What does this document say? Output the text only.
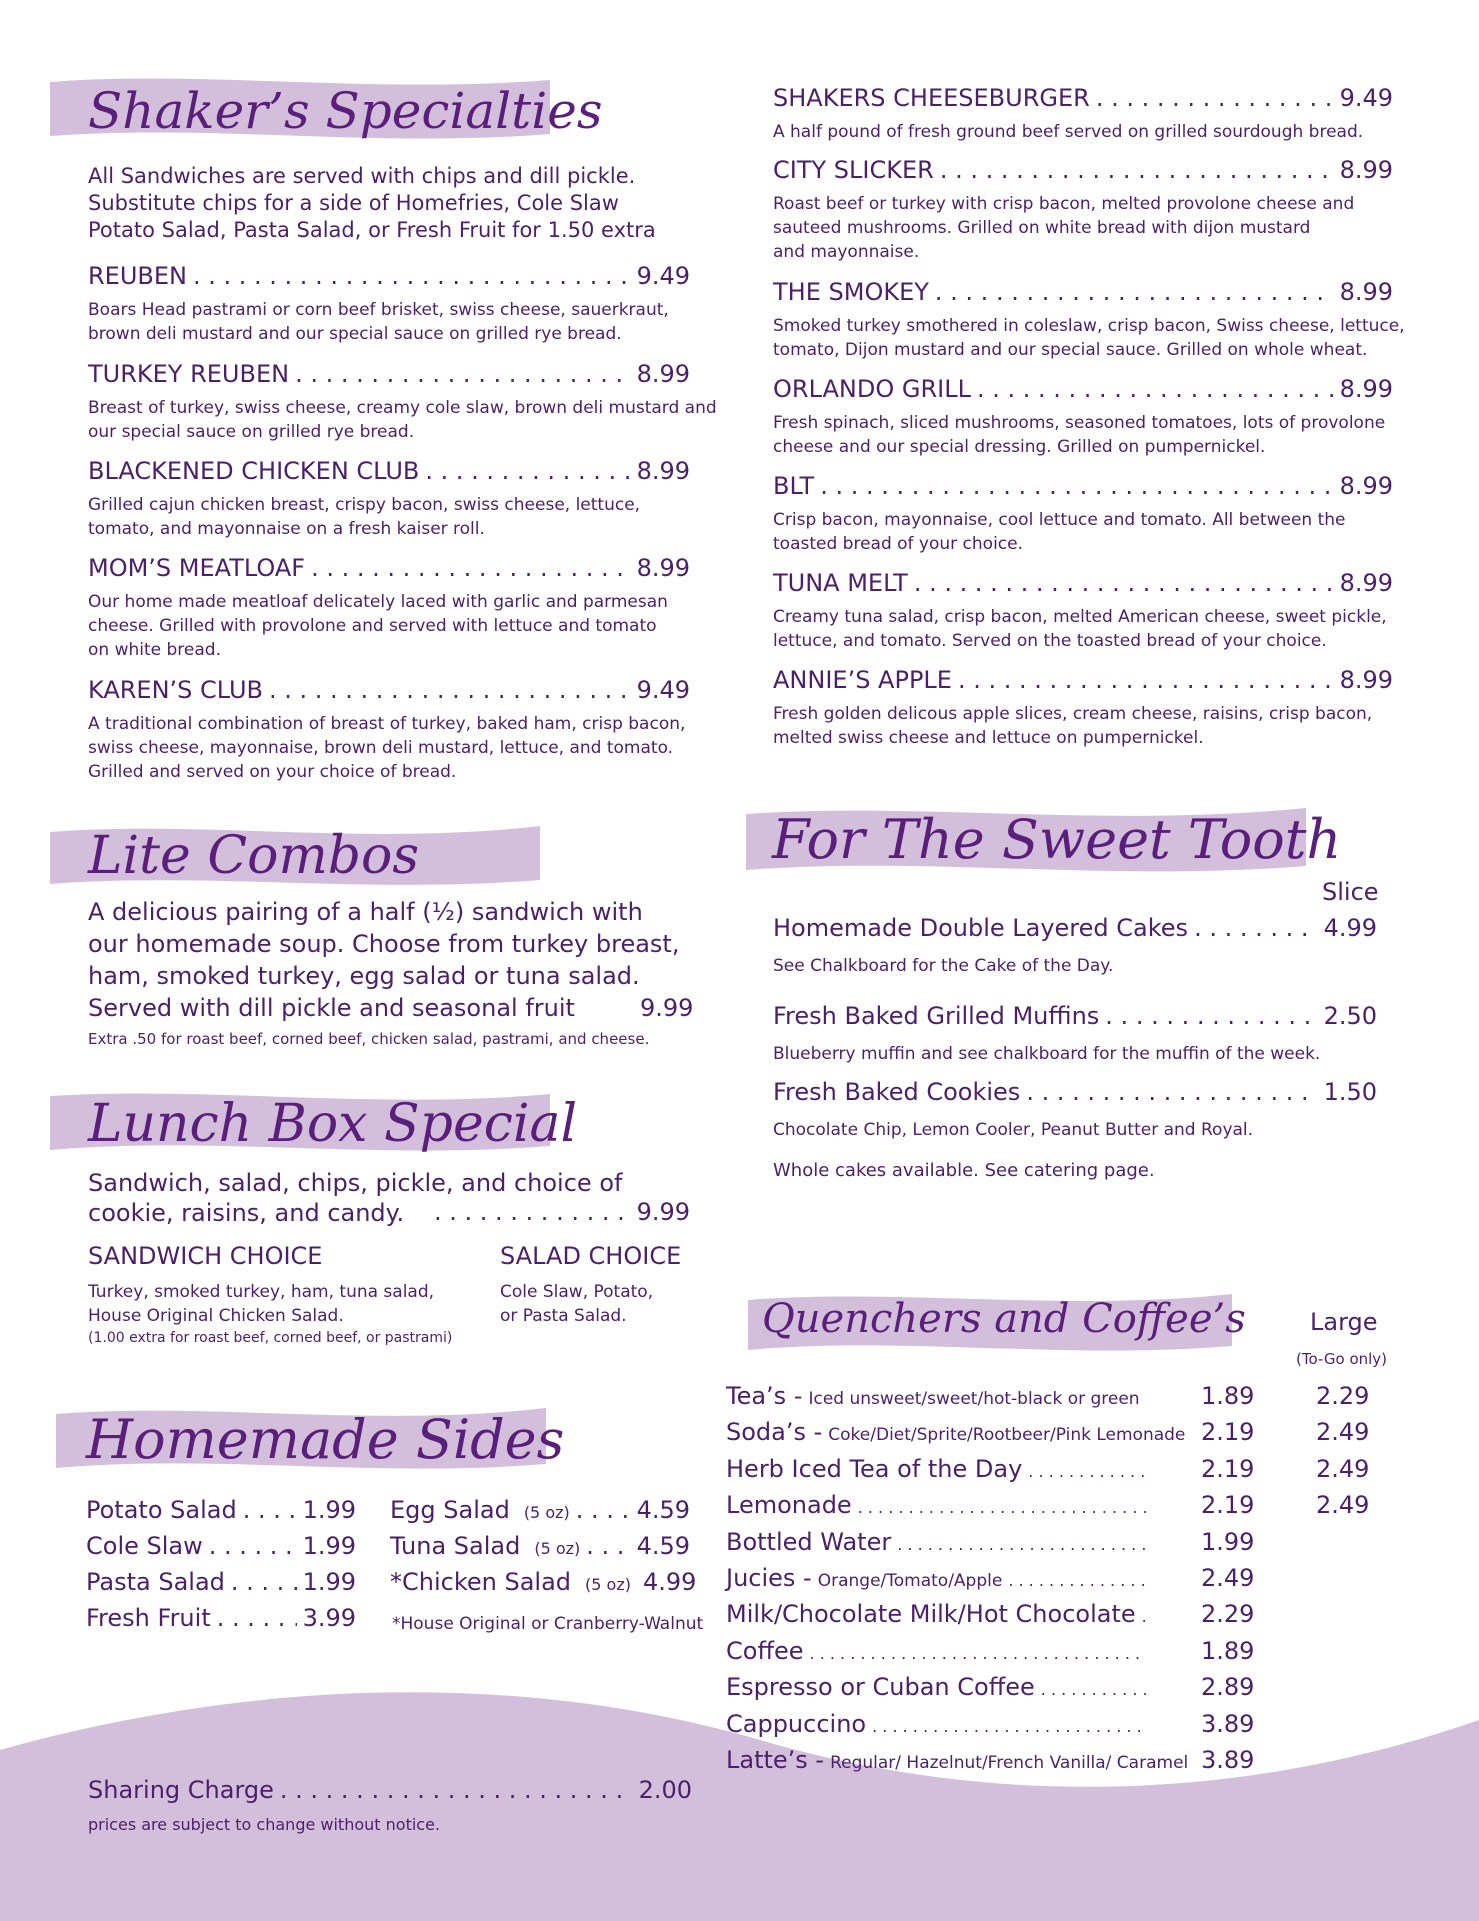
Shaker’s Specialties
All Sandwiches are served with chips and dill pickle.
Substitute chips for a side of Homefries, Cole Slaw
Potato Salad, Pasta Salad, or Fresh Fruit for 1.50 extra
REUBEN . . .	9.49
Boars Head pastrami or corn beef brisket, swiss cheese, sauerkraut,
brown deli mustard and our special sauce on grilled rye bread.
TURKEY REUBEN . . .	8.99
Breast of turkey, swiss cheese, creamy cole slaw, brown deli mustard and
our special sauce on grilled rye bread.
BLACKENED CHICKEN CLUB . . .	8.99
Grilled cajun chicken breast, crispy bacon, swiss cheese, lettuce,
tomato, and mayonnaise on a fresh kaiser roll.
MOM’S MEATLOAF . . .	8.99
Our home made meatloaf delicately laced with garlic and parmesan
cheese. Grilled with provolone and served with lettuce and tomato
on white bread.
KAREN’S CLUB . . .	9.49
A traditional combination of breast of turkey, baked ham, crisp bacon,
swiss cheese, mayonnaise, brown deli mustard, lettuce, and tomato.
Grilled and served on your choice of bread.
SHAKERS CHEESEBURGER . . .	9.49
A half pound of fresh ground beef served on grilled sourdough bread.
CITY SLICKER . . .	8.99
Roast beef or turkey with crisp bacon, melted provolone cheese and
sauteed mushrooms. Grilled on white bread with dijon mustard
and mayonnaise.
THE SMOKEY . . .	8.99
Smoked turkey smothered in coleslaw, crisp bacon, Swiss cheese, lettuce,
tomato, Dijon mustard and our special sauce. Grilled on whole wheat.
ORLANDO GRILL . . .	8.99
Fresh spinach, sliced mushrooms, seasoned tomatoes, lots of provolone
cheese and our special dressing. Grilled on pumpernickel.
BLT . . .	8.99
Crisp bacon, mayonnaise, cool lettuce and tomato. All between the
toasted bread of your choice.
TUNA MELT . . .	8.99
Creamy tuna salad, crisp bacon, melted American cheese, sweet pickle,
lettuce, and tomato. Served on the toasted bread of your choice.
ANNIE’S APPLE . . .	8.99
Fresh golden delicous apple slices, cream cheese, raisins, crisp bacon,
melted swiss cheese and lettuce on pumpernickel.
Lite Combos
A delicious pairing of a half (½) sandwich with
our homemade soup. Choose from turkey breast,
ham, smoked turkey, egg salad or tuna salad.
Served with dill pickle and seasonal fruit	9.99
Extra .50 for roast beef, corned beef, chicken salad, pastrami, and cheese.
Lunch Box Special
Sandwich, salad, chips, pickle, and choice of
cookie, raisins, and candy. . . .	9.99
SANDWICH CHOICE
Turkey, smoked turkey, ham, tuna salad,
House Original Chicken Salad.
(1.00 extra for roast beef, corned beef, or pastrami)
SALAD CHOICE
Cole Slaw, Potato,
or Pasta Salad.
Homemade Sides
Potato Salad . . .	1.99
Cole Slaw . . .	1.99
Pasta Salad . . .	1.99
Fresh Fruit . . .	3.99
Egg Salad (5 oz) . . .	4.59
Tuna Salad (5 oz) . . . 4.59
*Chicken Salad (5 oz) 4.99
*House Original or Cranberry-Walnut
For The Sweet Tooth
Slice
Homemade Double Layered Cakes . . .	4.99
See Chalkboard for the Cake of the Day.
Fresh Baked Grilled Muffins . . .	2.50
Blueberry muffin and see chalkboard for the muffin of the week.
Fresh Baked Cookies . . .	1.50
Chocolate Chip, Lemon Cooler, Peanut Butter and Royal.
Whole cakes available. See catering page.
Quenchers and Coffee’s	Large
(To-Go only)
Tea’s - Iced unsweet/sweet/hot-black or green	1.89	2.29
Soda’s - Coke/Diet/Sprite/Rootbeer/Pink Lemonade 2.19	2.49
Herb Iced Tea of the Day . . .	2.19	2.49
Lemonade . . .	2.19	2.49
Bottled Water . . .	1.99
Jucies - Orange/Tomato/Apple . . .	2.49
Milk/Chocolate Milk/Hot Chocolate . . .	2.29
Coffee . . .	1.89
Espresso or Cuban Coffee . . .	2.89
Cappuccino . . .	3.89
Latte’s - Regular/ Hazelnut/French Vanilla/ Caramel 3.89
Sharing Charge . . .	2.00
prices are subject to change without notice.
